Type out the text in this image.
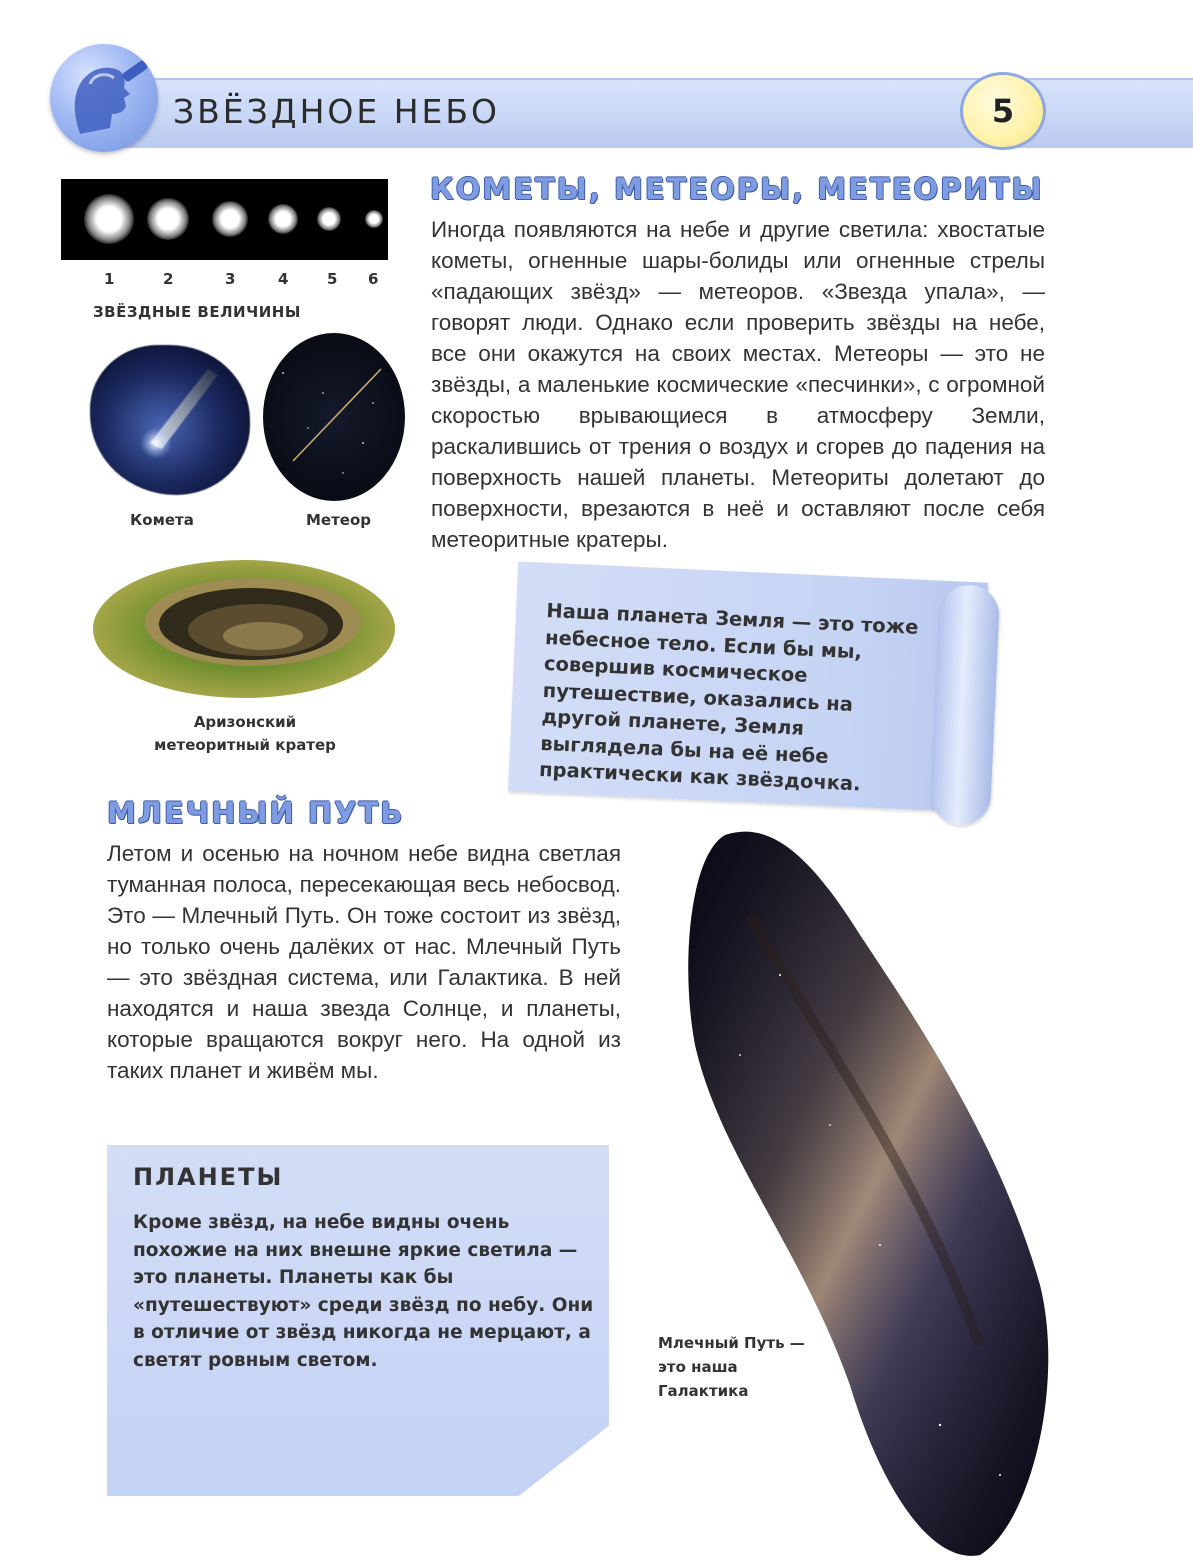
ЗВЁЗДНОЕ НЕБО	5
1	2	3	4	5 6
ЗВЁЗДНЫЕ ВЕЛИЧИНЫ
Комета	Метеор
Аризонский
метеоритный кратер
КОМЕТЫ, МЕТЕОРЫ, МЕТЕОРИТЫ
Иногда появляются на небе и другие светила: хвостатые кометы, огненные шары-болиды или огненные стрелы «падающих звёзд» — метеоров. «Звезда упала», — говорят люди. Однако если проверить звёзды на небе, все они окажутся на своих местах. Метеоры — это не звёзды, а маленькие космические «песчинки», с огромной скоростью врывающиеся в атмосферу Земли, раскалившись от трения о воздух и сгорев до падения на поверхность нашей планеты. Метеориты долетают до поверхности, врезаются в неё и оставляют после себя метеоритные кратеры.
Наша планета Земля — это тоже небесное тело. Если бы мы, совершив космическое путешествие, оказались на другой планете, Земля выглядела бы на её небе практически как звёздочка.
МЛЕЧНЫЙ ПУТЬ
Летом и осенью на ночном небе видна светлая туманная полоса, пересекающая весь небосвод. Это — Млечный Путь. Он тоже состоит из звёзд, но только очень далёких от нас. Млечный Путь — это звёздная система, или Галактика. В ней находятся и наша звезда Солнце, и планеты, которые вращаются вокруг него. На одной из таких планет и живём мы.
Млечный Путь —
это наша
Галактика
ПЛАНЕТЫ
Кроме звёзд, на небе видны очень похожие на них внешне яркие светила — это планеты. Планеты как бы «путешествуют» среди звёзд по небу. Они в отличие от звёзд никогда не мерцают, а светят ровным светом.
